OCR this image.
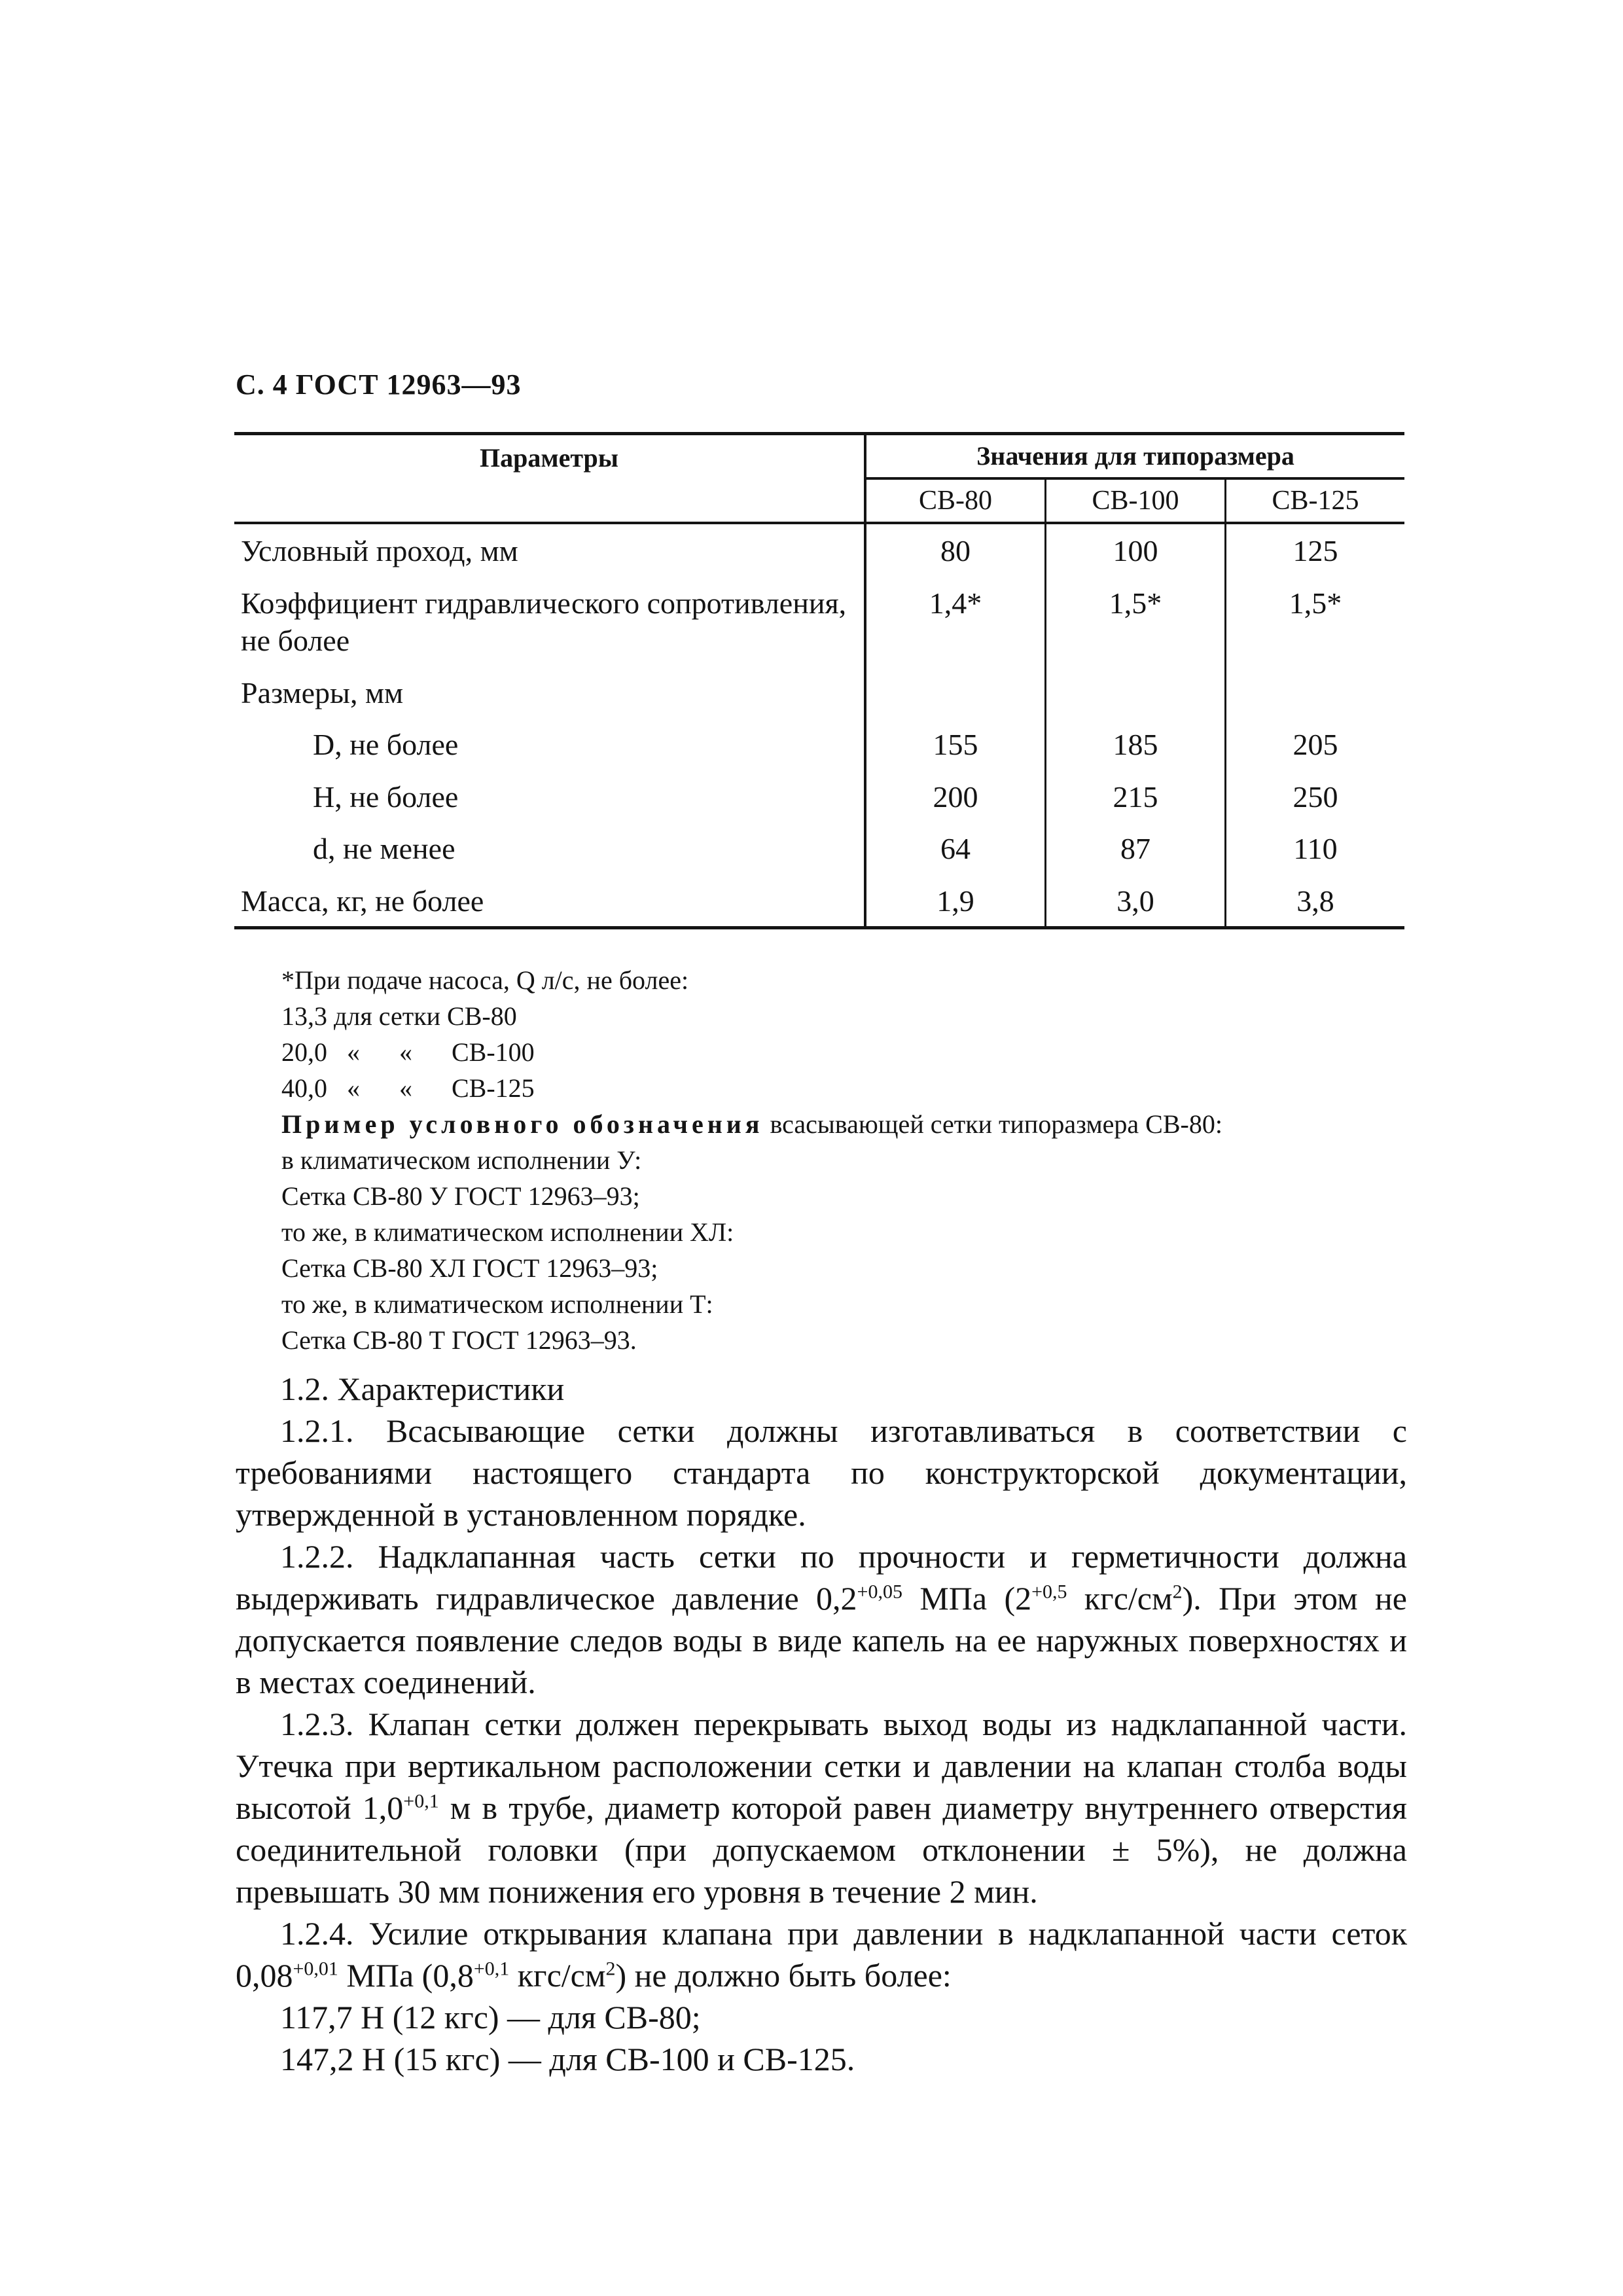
С. 4 ГОСТ 12963—93
Параметры	Значения для типоразмера		
	СВ-80	СВ-100	СВ-125
Условный проход, мм	80	100	125
Коэффициент гидравлического сопротивления, не более	1,4*	1,5*	1,5*
Размеры, мм			
D, не более	155	185	205
Н, не более	200	215	250
d, не менее	64	87	110
Масса, кг, не более	1,9	3,0	3,8
*При подаче насоса, Q л/с, не более:
13,3 для сетки СВ-80
20,0   «      «      СВ-100
40,0   «      «      СВ-125
Пример условного обозначения всасывающей сетки типоразмера СВ-80:
в климатическом исполнении У:
Сетка СВ-80 У ГОСТ 12963–93;
то же, в климатическом исполнении ХЛ:
Сетка СВ-80 ХЛ ГОСТ 12963–93;
то же, в климатическом исполнении Т:
Сетка СВ-80 Т ГОСТ 12963–93.

1.2. Характеристики

1.2.1. Всасывающие сетки должны изготавливаться в соответствии с требованиями настоящего стандарта по конструкторской документации, утвержденной в установленном порядке.

1.2.2. Надклапанная часть сетки по прочности и герметичности должна выдерживать гидравлическое давление $0,2^{+0,05}$ МПа ($2^{+0,5}$ кгс/$см^2$). При этом не допускается появление следов воды в виде капель на ее наружных поверхностях и в местах соединений.

1.2.3. Клапан сетки должен перекрывать выход воды из надклапанной части. Утечка при вертикальном расположении сетки и давлении на клапан столба воды высотой $1,0^{+0,1}$ м в трубе, диаметр которой равен диаметру внутреннего отверстия соединительной головки (при допускаемом отклонении ± 5%), не должна превышать 30 мм понижения его уровня в течение 2 мин.

1.2.4. Усилие открывания клапана при давлении в надклапанной части сеток $0,08^{+0,01}$ МПа ($0,8^{+0,1}$ кгс/$см^2$) не должно быть более:

117,7 Н (12 кгс) — для СВ-80;

147,2 Н (15 кгс) — для СВ-100 и СВ-125.
